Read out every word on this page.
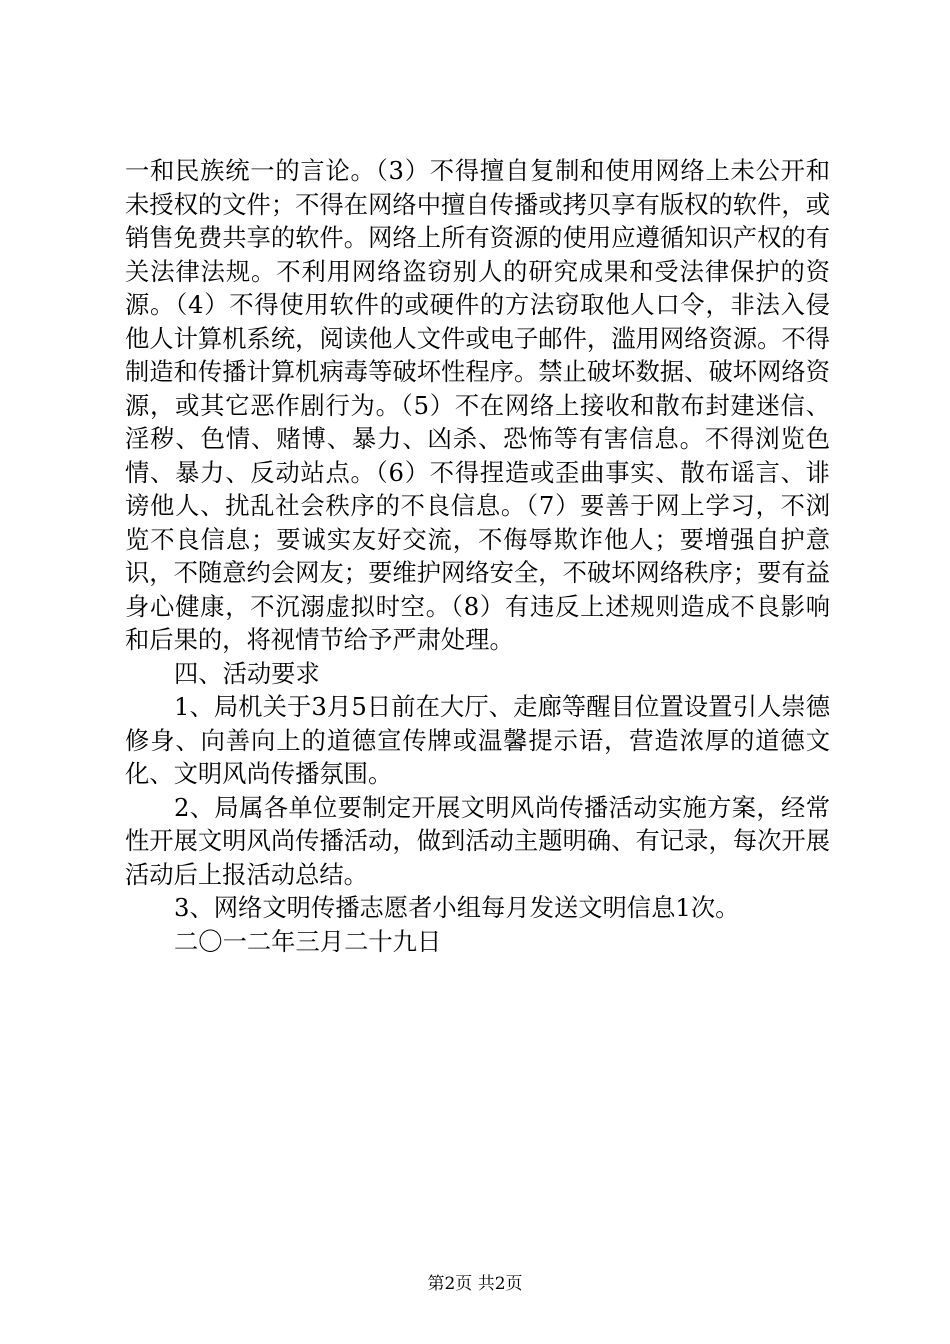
一和民族统一的言论。（3）不得擅自复制和使用网络上未公开和未授权的文件；不得在网络中擅自传播或拷贝享有版权的软件，或销售免费共享的软件。网络上所有资源的使用应遵循知识产权的有关法律法规。不利用网络盗窃别人的研究成果和受法律保护的资源。（4）不得使用软件的或硬件的方法窃取他人口令，非法入侵他人计算机系统，阅读他人文件或电子邮件，滥用网络资源。不得制造和传播计算机病毒等破坏性程序。禁止破坏数据、破坏网络资源，或其它恶作剧行为。（5）不在网络上接收和散布封建迷信、淫秽、色情、赌博、暴力、凶杀、恐怖等有害信息。不得浏览色情、暴力、反动站点。（6）不得捏造或歪曲事实、散布谣言、诽谤他人、扰乱社会秩序的不良信息。（7）要善于网上学习，不浏览不良信息；要诚实友好交流，不侮辱欺诈他人；要增强自护意识，不随意约会网友；要维护网络安全，不破坏网络秩序；要有益身心健康，不沉溺虚拟时空。（8）有违反上述规则造成不良影响和后果的，将视情节给予严肃处理。

四、活动要求

1、局机关于3月5日前在大厅、走廊等醒目位置设置引人崇德修身、向善向上的道德宣传牌或温馨提示语，营造浓厚的道德文化、文明风尚传播氛围。

2、局属各单位要制定开展文明风尚传播活动实施方案，经常性开展文明风尚传播活动，做到活动主题明确、有记录，每次开展活动后上报活动总结。

3、网络文明传播志愿者小组每月发送文明信息1次。

二〇一二年三月二十九日

第2页 共2页
